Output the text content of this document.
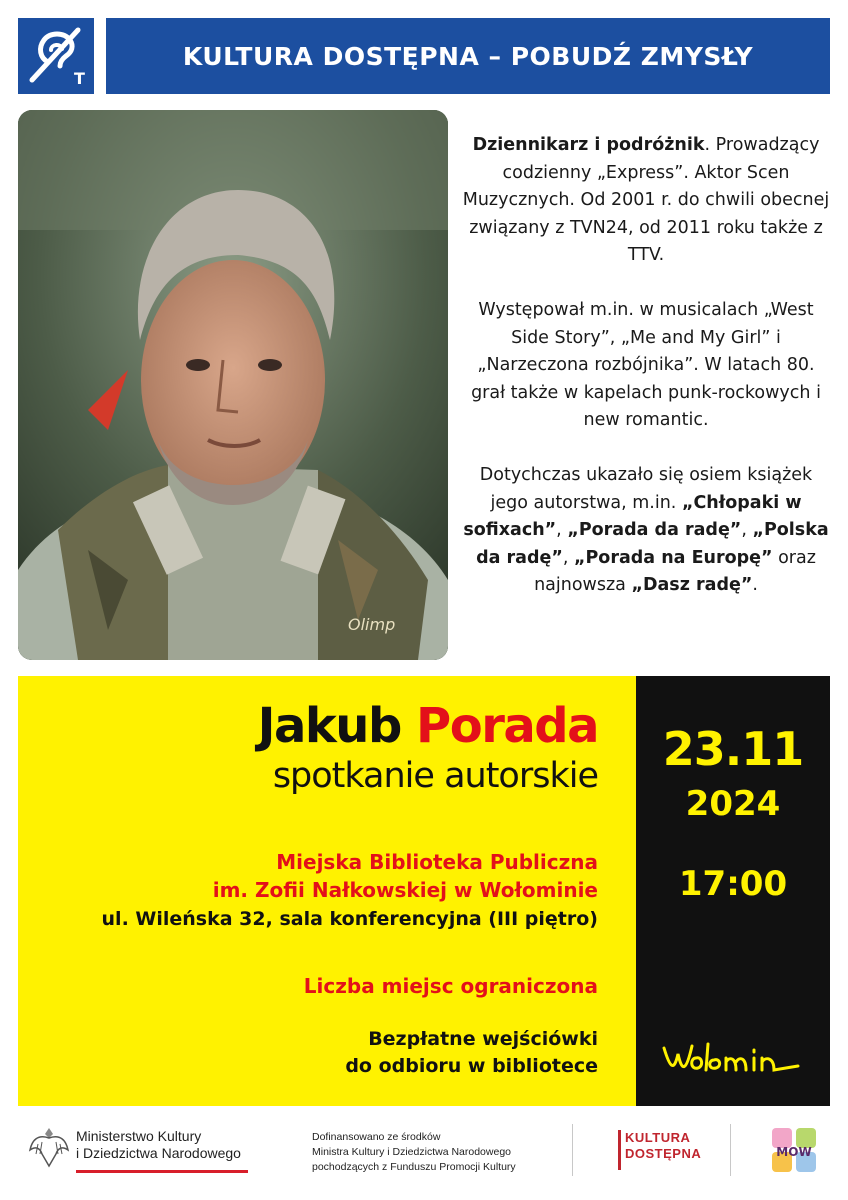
T
KULTURA DOSTĘPNA – POBUDŹ ZMYSŁY
Olimp

Dziennikarz i podróżnik. Prowadzący codzienny „Express”. Aktor Scen Muzycznych. Od 2001 r. do chwili obecnej związany z TVN24, od 2011 roku także z TTV.

Występował m.in. w musicalach „West Side Story”, „Me and My Girl” i „Narzeczona rozbójnika”. W latach 80. grał także w kapelach punk-rockowych i new romantic.

Dotychczas ukazało się osiem książek jego autorstwa, m.in. „Chłopaki w sofixach”, „Porada da radę”, „Polska da radę”, „Porada na Europę” oraz najnowsza „Dasz radę”.

Jakub Porada
spotkanie autorskie
Miejska Biblioteka Publiczna
im. Zofii Nałkowskiej w Wołominie
ul. Wileńska 32, sala konferencyjna (III piętro)
Liczba miejsc ograniczona
Bezpłatne wejściówki
do odbioru w bibliotece
23.11
2024
17:00
Ministerstwo Kultury
i Dziedzictwa Narodowego
Dofinansowano ze środków
Ministra Kultury i Dziedzictwa Narodowego
pochodzących z Funduszu Promocji Kultury
KULTURA
DOSTĘPNA	MOW
